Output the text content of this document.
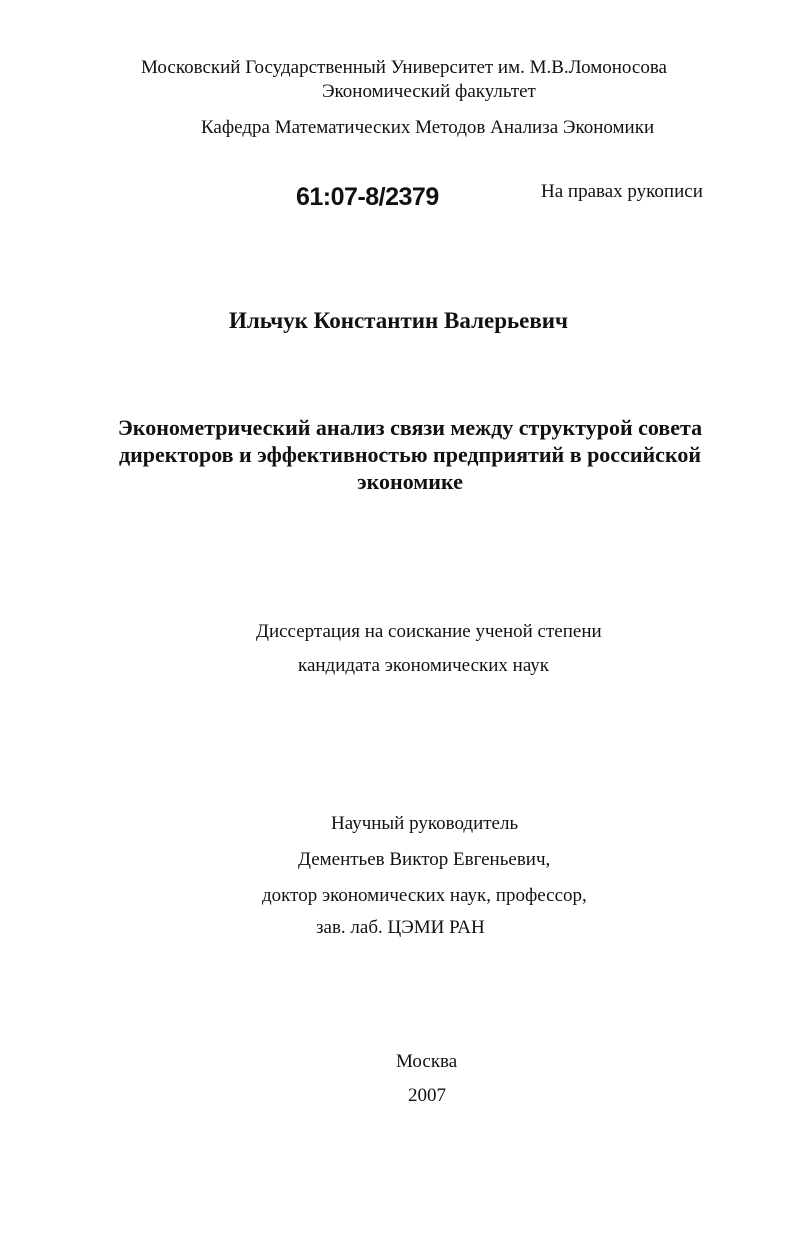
Московский Государственный Университет им. М.В.Ломоносова
Экономический факультет
Кафедра Математических Методов Анализа Экономики
61:07-8/2379	На правах рукописи
Ильчук Константин Валерьевич
Эконометрический анализ связи между структурой совета директоров и эффективностью предприятий в российской экономике
Диссертация на соискание ученой степени
кандидата экономических наук
Научный руководитель
Дементьев Виктор Евгеньевич,
доктор экономических наук, профессор,
зав. лаб. ЦЭМИ РАН
Москва
2007
